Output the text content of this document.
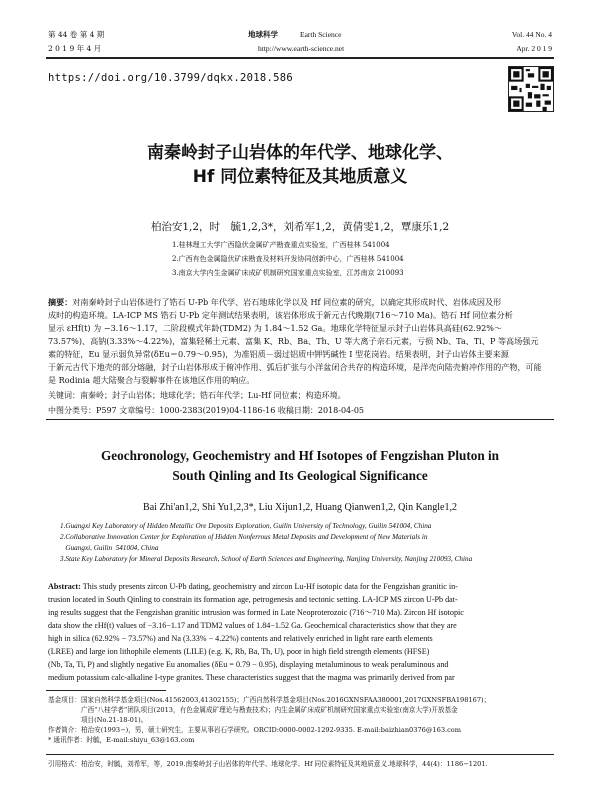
第 44 卷 第 4 期	地球科学	Earth Science	Vol. 44 No. 4
2 0 1 9 年 4 月	http://www.earth-science.net	Apr. 2 0 1 9
https://doi.org/10.3799/dqkx.2018.586
南秦岭封子山岩体的年代学、地球化学、
Hf 同位素特征及其地质意义
柏治安1,2，时　毓1,2,3*，刘希军1,2，黄倩雯1,2，覃康乐1,2
1.桂林理工大学广西隐伏金属矿产勘查重点实验室，广西桂林 541004
2.广西有色金属隐伏矿床勘查及材料开发协同创新中心，广西桂林 541004
3.南京大学内生金属矿床成矿机制研究国家重点实验室，江苏南京 210093
摘要：对南秦岭封子山岩体进行了锆石 U-Pb 年代学、岩石地球化学以及 Hf 同位素的研究，以确定其形成时代、岩体成因及形
成时的构造环境。LA-ICP MS 锆石 U-Pb 定年测试结果表明，该岩体形成于新元古代晚期(716～710 Ma)。锆石 Hf 同位素分析
显示 εHf(t) 为 −3.16～1.17，二阶段模式年龄(TDM2) 为 1.84～1.52 Ga。地球化学特征显示封子山岩体具高硅(62.92%～
73.57%)、高钠(3.33%～4.22%)，富集轻稀土元素、富集 K、Rb、Ba、Th、U 等大离子亲石元素，亏损 Nb、Ta、Ti、P 等高场强元
素的特征，Eu 显示弱负异常(δEu＝0.79～0.95)，为准铝质－弱过铝质中钾钙碱性 I 型花岗岩。结果表明，封子山岩体主要来源
于新元古代下地壳的部分熔融，封子山岩体形成于俯冲作用、弧后扩张与小洋盆闭合共存的构造环境，是洋壳向陆壳俯冲作用的产物，可能
是 Rodinia 超大陆聚合与裂解事件在该地区作用的响应。
关键词：南秦岭；封子山岩体；地球化学；锆石年代学；Lu-Hf 同位素；构造环境。
中图分类号：P597 文章编号：1000-2383(2019)04-1186-16 收稿日期：2018-04-05
Geochronology, Geochemistry and Hf Isotopes of Fengzishan Pluton in
South Qinling and Its Geological Significance
Bai Zhi'an1,2, Shi Yu1,2,3*, Liu Xijun1,2, Huang Qianwen1,2, Qin Kangle1,2
1.Guangxi Key Laboratory of Hidden Metallic Ore Deposits Exploration, Guilin University of Technology, Guilin 541004, China
2.Collaborative Innovation Center for Exploration of Hidden Nonferrous Metal Deposits and Development of New Materials in
Guangxi, Guilin  541004, China
3.State Key Laboratory for Mineral Deposits Research, School of Earth Sciences and Engineering, Nanjing University, Nanjing 210093, China
Abstract: This study presents zircon U-Pb dating, geochemistry and zircon Lu-Hf isotopic data for the Fengzishan granitic in-
trusion located in South Qinling to constrain its formation age, petrogenesis and tectonic setting. LA-ICP MS zircon U-Pb dat-
ing results suggest that the Fengzishan granitic intrusion was formed in Late Neoproterozoic (716～710 Ma). Zircon Hf isotopic
data show the εHf(t) values of −3.16−1.17 and TDM2 values of 1.84−1.52 Ga. Geochemical characteristics show that they are
high in silica (62.92% − 73.57%) and Na (3.33% − 4.22%) contents and relatively enriched in light rare earth elements
(LREE) and large ion lithophile elements (LILE) (e.g. K, Rb, Ba, Th, U), poor in high field strength elements (HFSE)
(Nb, Ta, Ti, P) and slightly negative Eu anomalies (δEu = 0.79 − 0.95), displaying metaluminous to weak peraluminous and
medium potassium calc-alkaline I-type granites. These characteristics suggest that the magma was primarily derived from par
基金项目：国家自然科学基金项目(Nos.41562003,41302155)；广西自然科学基金项目(Nos.2016GXNSFAA380001,2017GXNSFBA198167)；
　　　　　广西“八桂学者”团队项目(2013，有色金属成矿理论与勘查技术)；内生金属矿床成矿机制研究国家重点实验室(南京大学)开放基金
　　　　　项目(No.21-18-01)。
作者简介：柏治安(1993−)，男，硕士研究生，主要从事岩石学研究。ORCID:0000-0002-1292-9335. E-mail:baizhian0376@163.com
* 通讯作者：时毓，E-mail:shiyu_63@163.com
引用格式：柏治安，时毓，刘希军，等，2019.南秦岭封子山岩体的年代学、地球化学、Hf 同位素特征及其地质意义.地球科学，44(4)：1186−1201.
